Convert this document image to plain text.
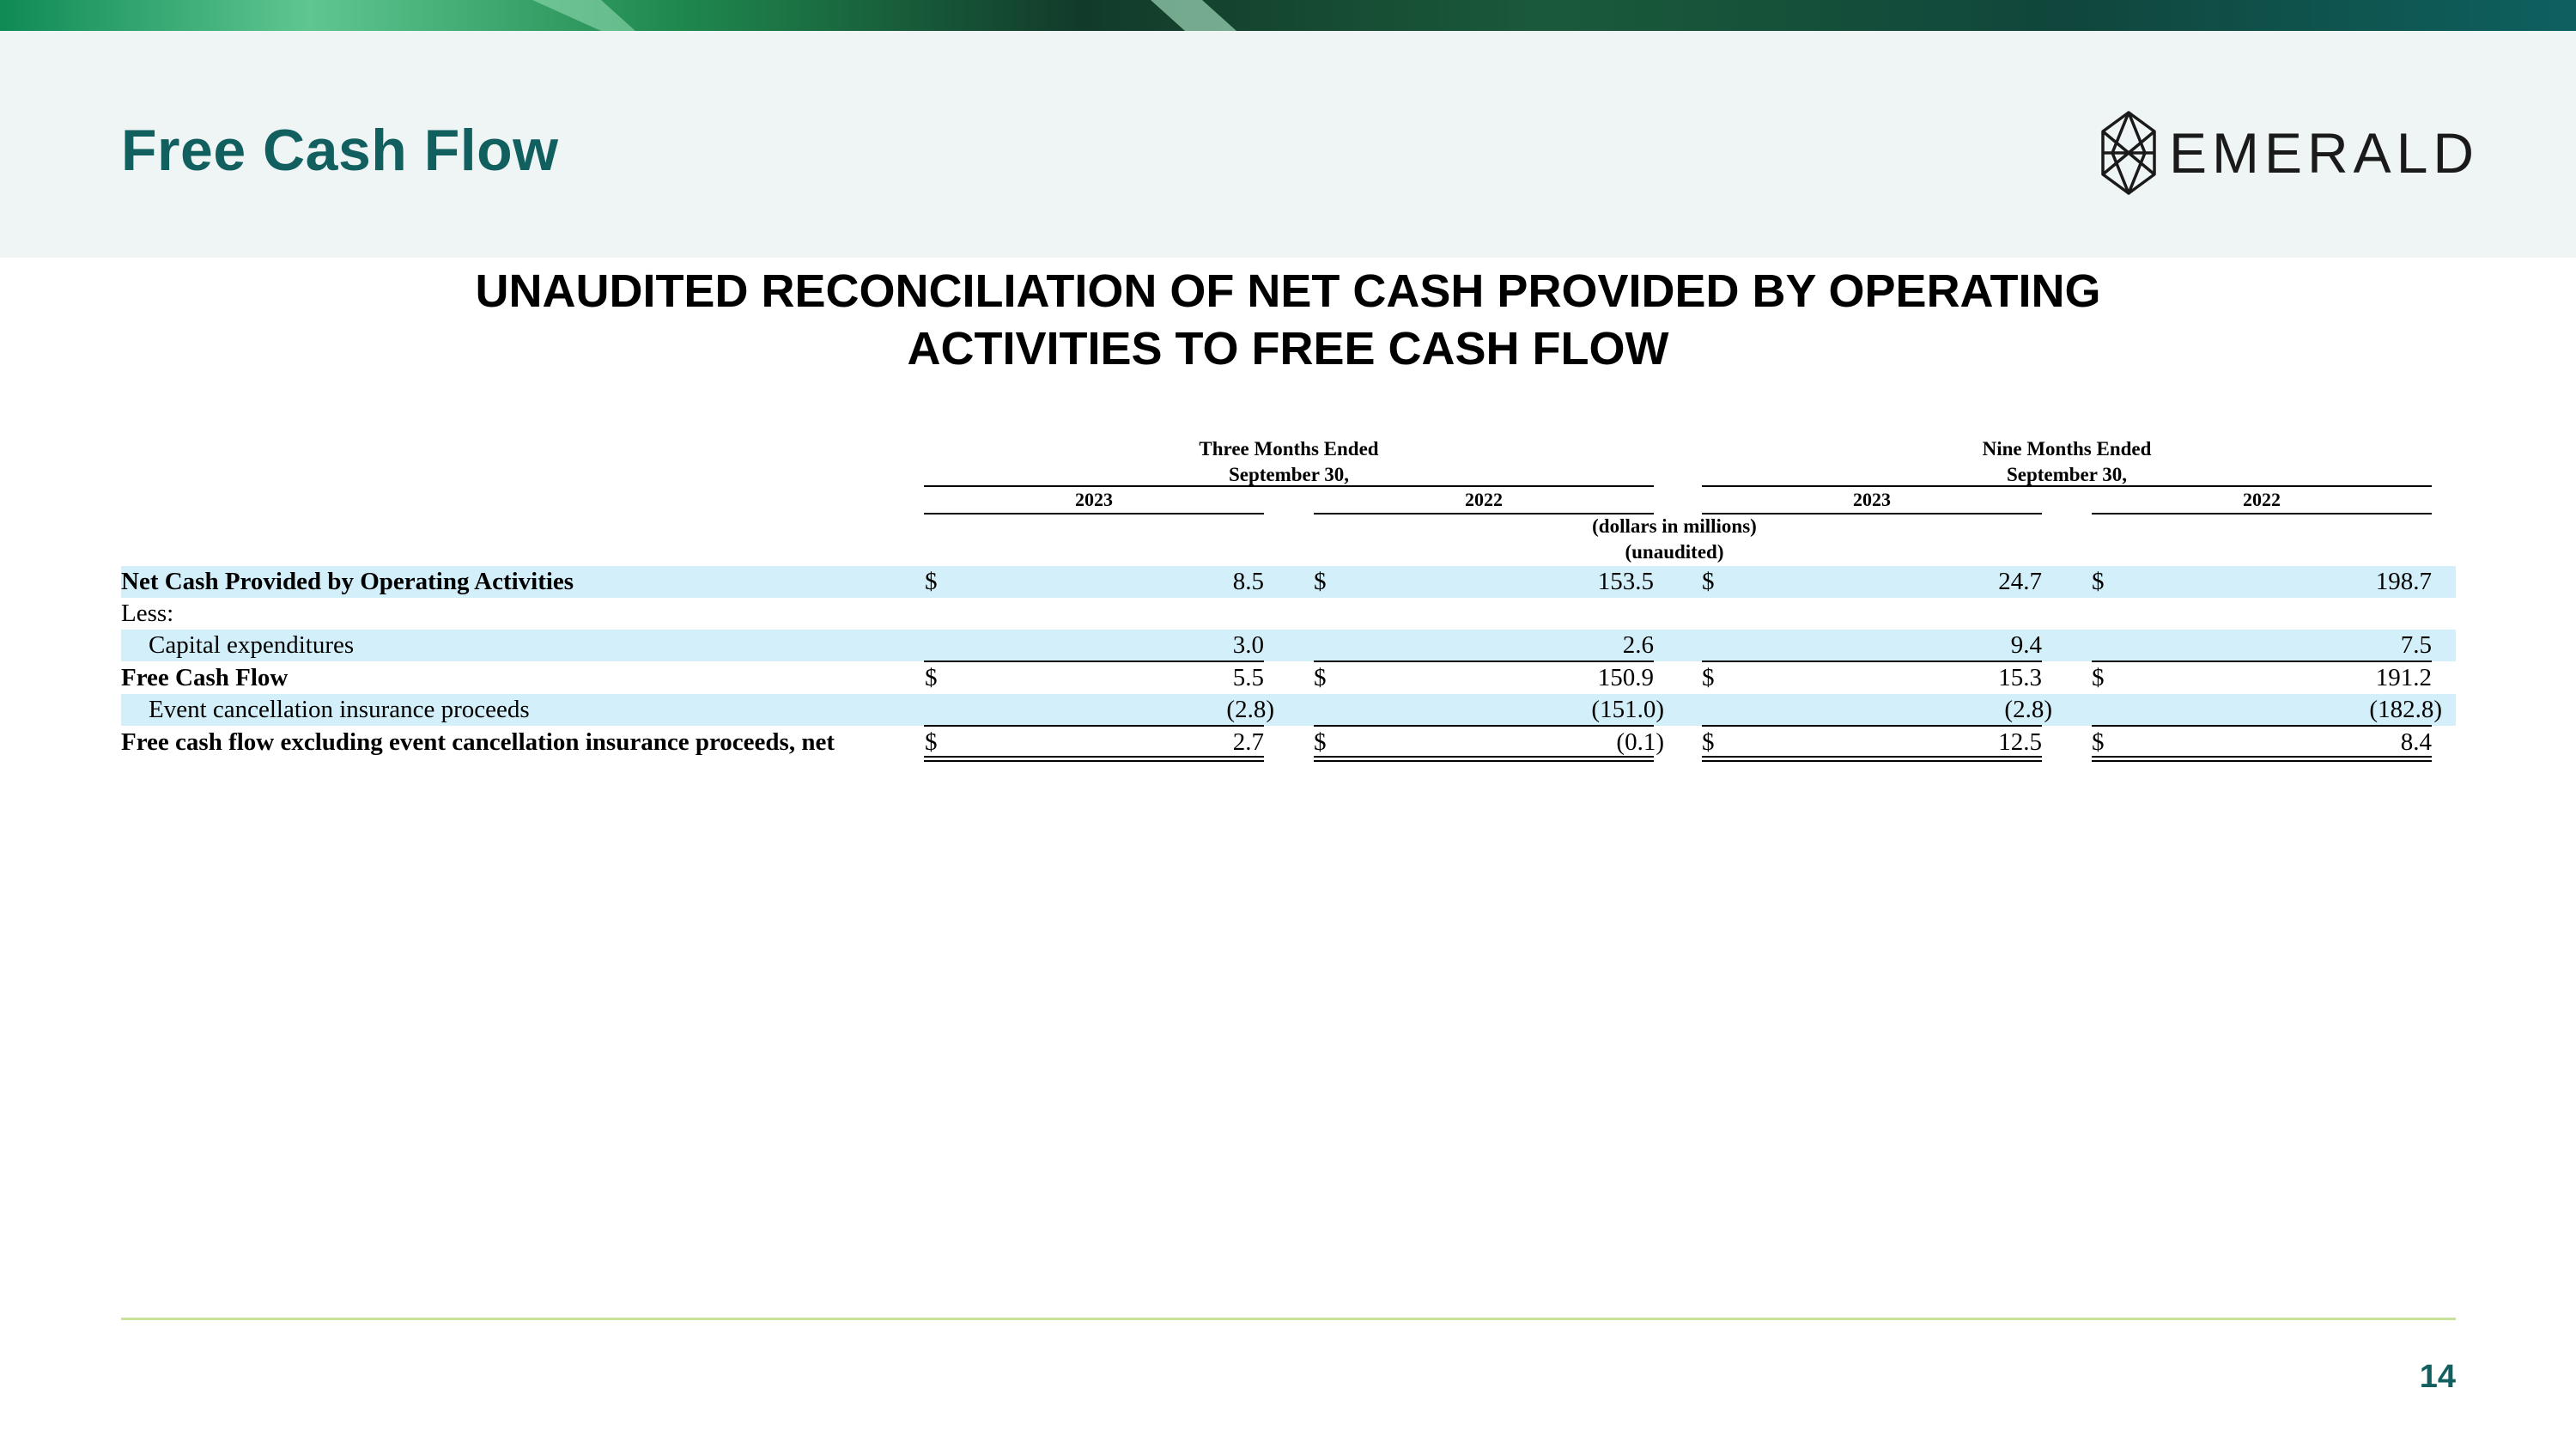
Free Cash Flow	EMERALD
UNAUDITED RECONCILIATION OF NET CASH PROVIDED BY OPERATING
ACTIVITIES TO FREE CASH FLOW
Three Months Ended
September 30,
Nine Months Ended
September 30,
2023	2022	2023	2022
(dollars in millions)
(unaudited)
Net Cash Provided by Operating Activities	$	8.5 $	153.5 $	24.7 $	198.7
Less:
Capital expenditures	3.0	2.6	9.4	7.5
Free Cash Flow	$	5.5 $	150.9 $	15.3 $	191.2
Event cancellation insurance proceeds	(2.8)	(151.0)	(2.8)	(182.8)
Free cash flow excluding event cancellation insurance proceeds, net	$	2.7 $	(0.1) $	12.5 $	8.4
14
